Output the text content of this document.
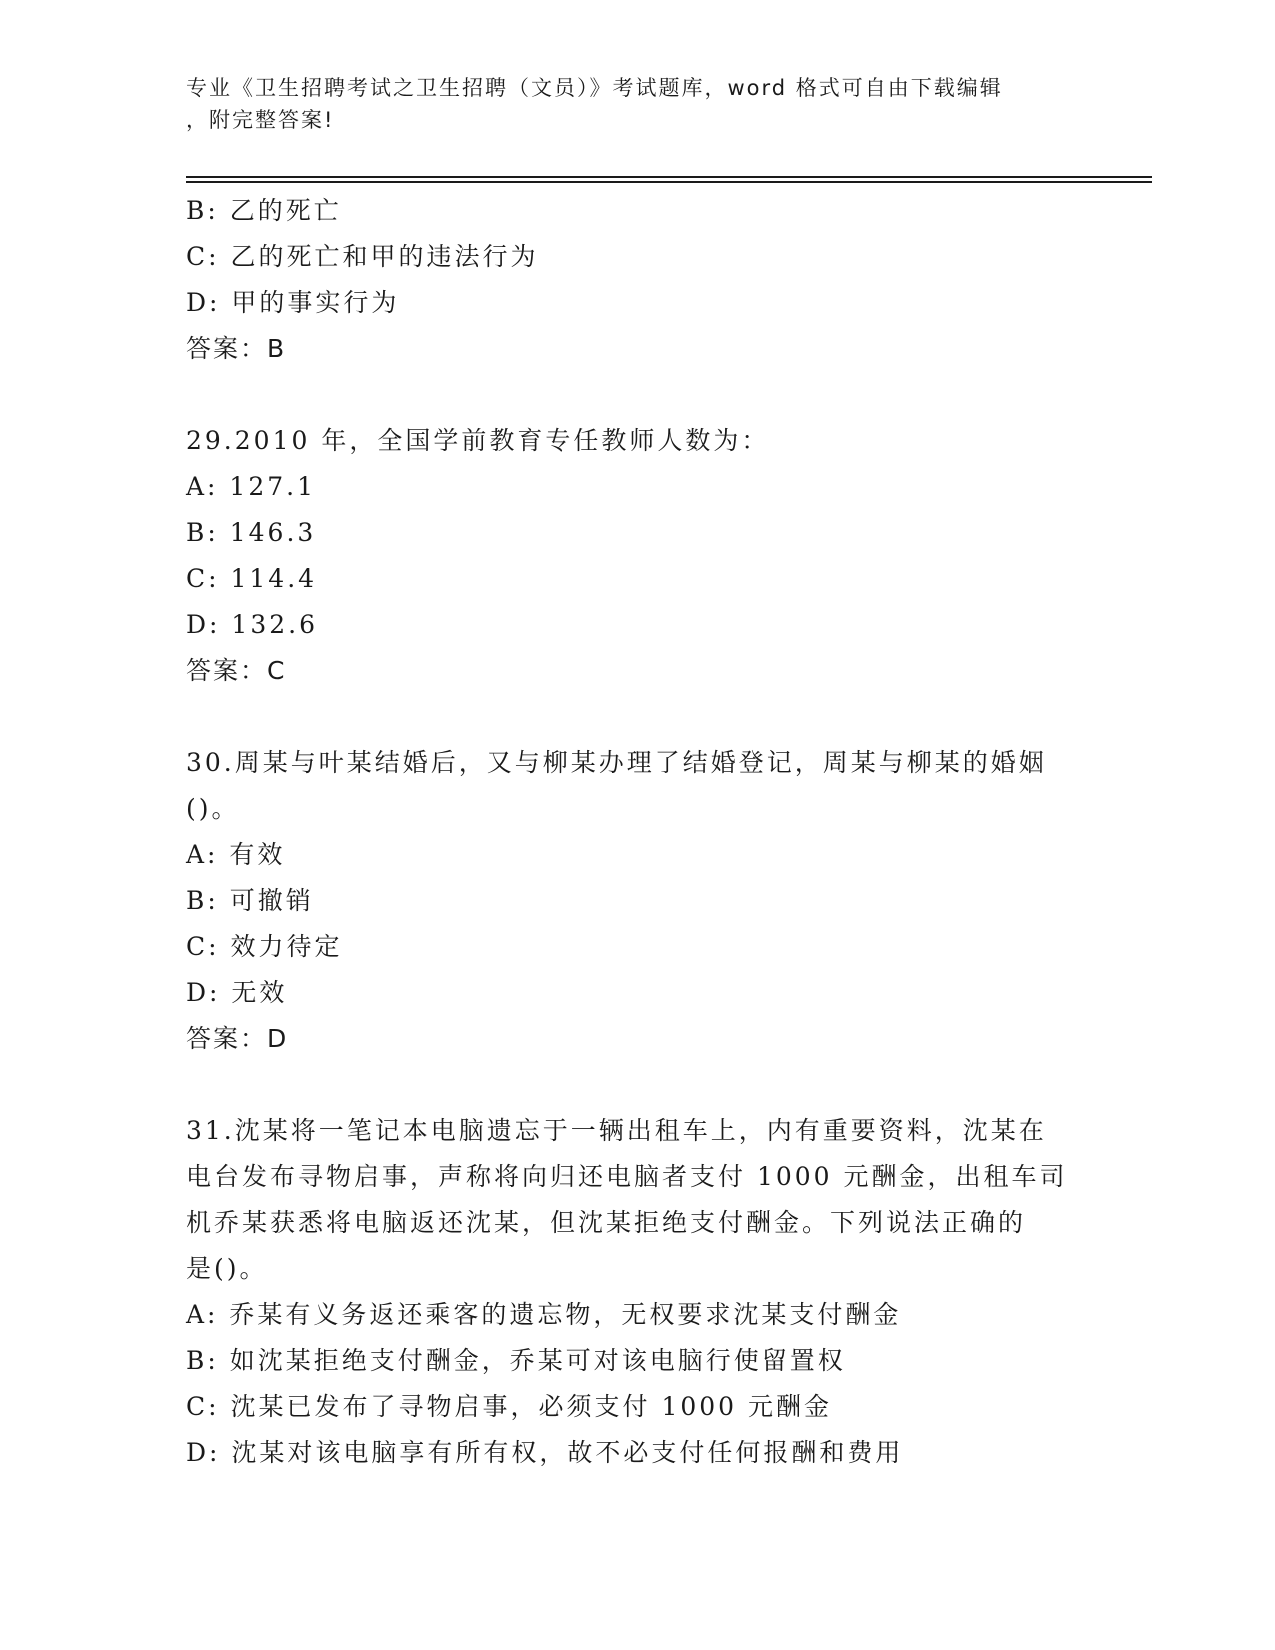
专业《卫生招聘考试之卫生招聘（文员）》考试题库，word 格式可自由下载编辑
，附完整答案!
B: 乙的死亡
C: 乙的死亡和甲的违法行为
D: 甲的事实行为
答案：B
29.2010 年，全国学前教育专任教师人数为：
A: 127.1
B: 146.3
C: 114.4
D: 132.6
答案：C
30.周某与叶某结婚后，又与柳某办理了结婚登记，周某与柳某的婚姻
()。
A: 有效
B: 可撤销
C: 效力待定
D: 无效
答案：D
31.沈某将一笔记本电脑遗忘于一辆出租车上，内有重要资料，沈某在
电台发布寻物启事，声称将向归还电脑者支付 1000 元酬金，出租车司
机乔某获悉将电脑返还沈某，但沈某拒绝支付酬金。下列说法正确的
是()。
A: 乔某有义务返还乘客的遗忘物，无权要求沈某支付酬金
B: 如沈某拒绝支付酬金，乔某可对该电脑行使留置权
C: 沈某已发布了寻物启事，必须支付 1000 元酬金
D: 沈某对该电脑享有所有权，故不必支付任何报酬和费用
